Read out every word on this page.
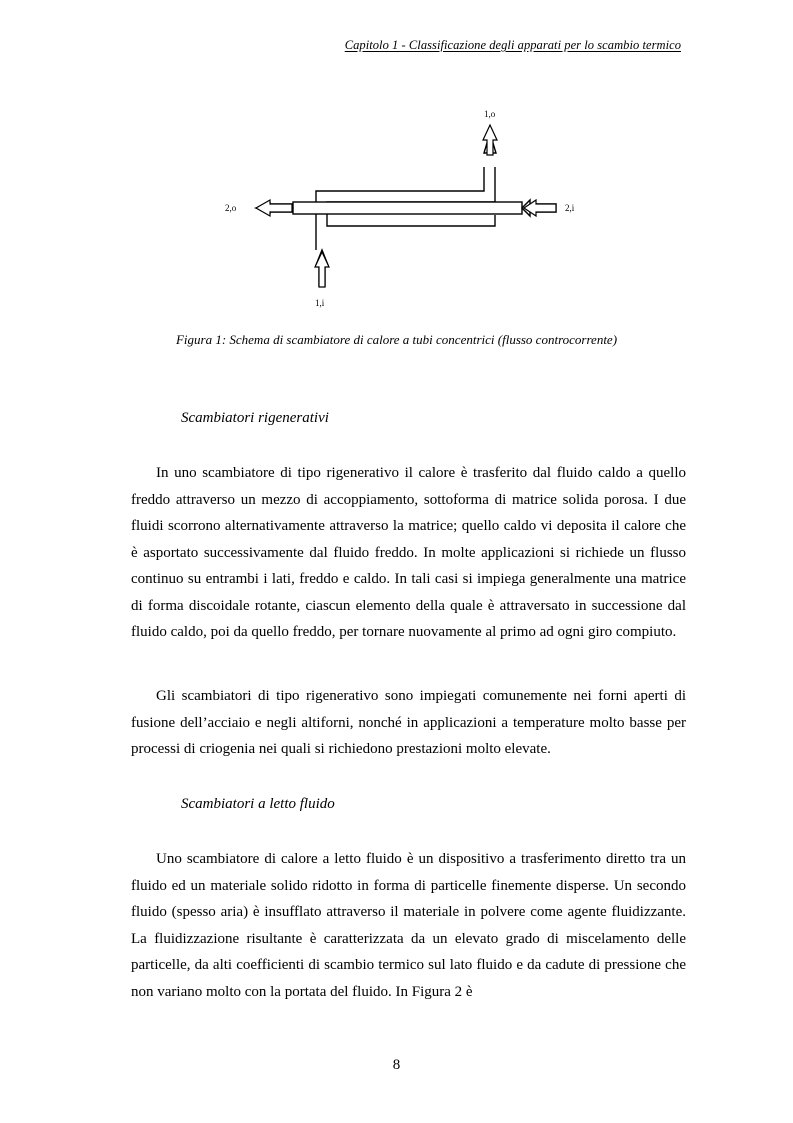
Capitolo 1 - Classificazione degli apparati per lo scambio termico
1,o
2,o	2,i
1,i
Figura 1: Schema di scambiatore di calore a tubi concentrici (flusso controcorrente)
Scambiatori rigenerativi
In uno scambiatore di tipo rigenerativo il calore è trasferito dal fluido caldo a quello freddo attraverso un mezzo di accoppiamento, sottoforma di matrice solida porosa. I due fluidi scorrono alternativamente attraverso la matrice; quello caldo vi deposita il calore che è asportato successivamente dal fluido freddo. In molte applicazioni si richiede un flusso continuo su entrambi i lati, freddo e caldo. In tali casi si impiega generalmente una matrice di forma discoidale rotante, ciascun elemento della quale è attraversato in successione dal fluido caldo, poi da quello freddo, per tornare nuovamente al primo ad ogni giro compiuto.
Gli scambiatori di tipo rigenerativo sono impiegati comunemente nei forni aperti di fusione dell’acciaio e negli altiforni, nonché in applicazioni a temperature molto basse per processi di criogenia nei quali si richiedono prestazioni molto elevate.
Scambiatori a letto fluido
Uno scambiatore di calore a letto fluido è un dispositivo a trasferimento diretto tra un fluido ed un materiale solido ridotto in forma di particelle finemente disperse. Un secondo fluido (spesso aria) è insufflato attraverso il materiale in polvere come agente fluidizzante. La fluidizzazione risultante è caratterizzata da un elevato grado di miscelamento delle particelle, da alti coefficienti di scambio termico sul lato fluido e da cadute di pressione che non variano molto con la portata del fluido. In Figura 2 è
8
